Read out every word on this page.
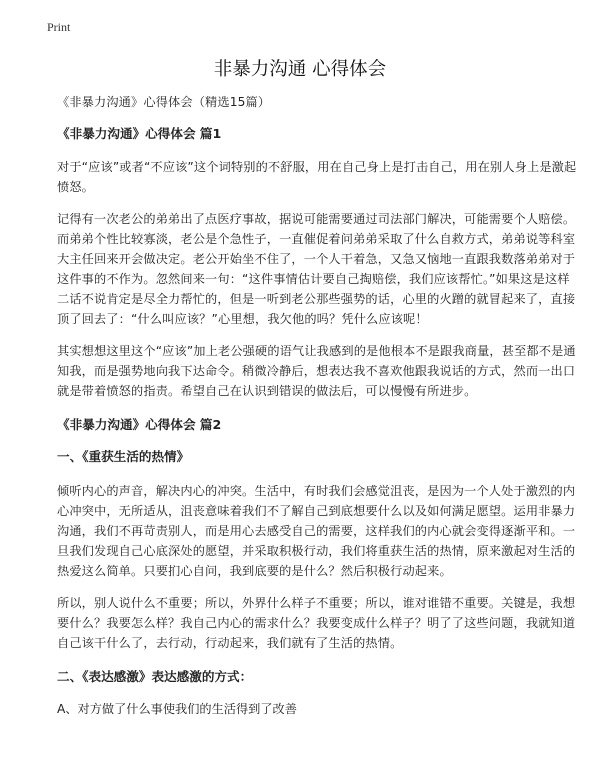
Print
非暴力沟通 心得体会

《非暴力沟通》心得体会（精选15篇）

《非暴力沟通》心得体会 篇1

对于“应该”或者“不应该”这个词特别的不舒服，用在自己身上是打击自己，用在别人身上是激起愤怒。

记得有一次老公的弟弟出了点医疗事故，据说可能需要通过司法部门解决，可能需要个人赔偿。而弟弟个性比较寡淡，老公是个急性子，一直催促着问弟弟采取了什么自救方式，弟弟说等科室大主任回来开会做决定。老公开始坐不住了，一个人干着急，又急又恼地一直跟我数落弟弟对于这件事的不作为。忽然间来一句：“这件事情估计要自己掏赔偿，我们应该帮忙。”如果这是这样二话不说肯定是尽全力帮忙的，但是一听到老公那些强势的话，心里的火蹭的就冒起来了，直接顶了回去了：“什么叫应该？”心里想，我欠他的吗？凭什么应该呢！

其实想想这里这个“应该”加上老公强硬的语气让我感到的是他根本不是跟我商量，甚至都不是通知我，而是强势地向我下达命令。稍微冷静后，想表达我不喜欢他跟我说话的方式，然而一出口就是带着愤怒的指责。希望自己在认识到错误的做法后，可以慢慢有所进步。

《非暴力沟通》心得体会 篇2

一、《重获生活的热情》

倾听内心的声音，解决内心的冲突。生活中，有时我们会感觉沮丧，是因为一个人处于激烈的内心冲突中，无所适从，沮丧意味着我们不了解自己到底想要什么以及如何满足愿望。运用非暴力沟通，我们不再苛责别人，而是用心去感受自己的需要，这样我们的内心就会变得逐渐平和。一旦我们发现自己心底深处的愿望，并采取积极行动，我们将重获生活的热情，原来激起对生活的热爱这么简单。只要扪心自问，我到底要的是什么？然后积极行动起来。

所以，别人说什么不重要；所以，外界什么样子不重要；所以，谁对谁错不重要。关键是，我想要什么？我要怎么样？我自己内心的需求什么？我要变成什么样子？明了了这些问题，我就知道自己该干什么了，去行动，行动起来，我们就有了生活的热情。

二、《表达感激》表达感激的方式：

A、对方做了什么事使我们的生活得到了改善
